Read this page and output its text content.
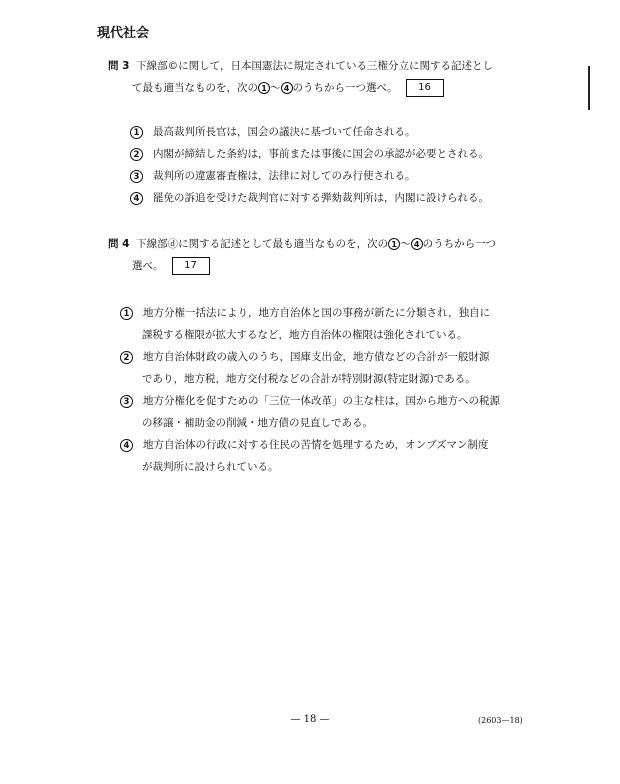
現代社会
問 3 下線部©に関して，日本国憲法に規定されている三権分立に関する記述とし
て最も適当なものを，次の 1 ～ 4 のうちから一つ選べ。 16
1 最高裁判所長官は，国会の議決に基づいて任命される。
2 内閣が締結した条約は，事前または事後に国会の承認が必要とされる。
3 裁判所の違憲審査権は，法律に対してのみ行使される。
4 罷免の訴追を受けた裁判官に対する弾劾裁判所は，内閣に設けられる。
問 4 下線部ⓓに関する記述として最も適当なものを，次の 1 ～ 4 のうちから一つ
選べ。 17
1 地方分権一括法により，地方自治体と国の事務が新たに分類され，独自に
課税する権限が拡大するなど，地方自治体の権限は強化されている。
2 地方自治体財政の歳入のうち，国庫支出金，地方債などの合計が一般財源
であり，地方税，地方交付税などの合計が特別財源(特定財源)である。
3 地方分権化を促すための「三位一体改革」の主な柱は，国から地方への税源
の移譲・補助金の削減・地方債の見直しである。
4 地方自治体の行政に対する住民の苦情を処理するため，オンブズマン制度
が裁判所に設けられている。
— 18 —	(2603—18)
